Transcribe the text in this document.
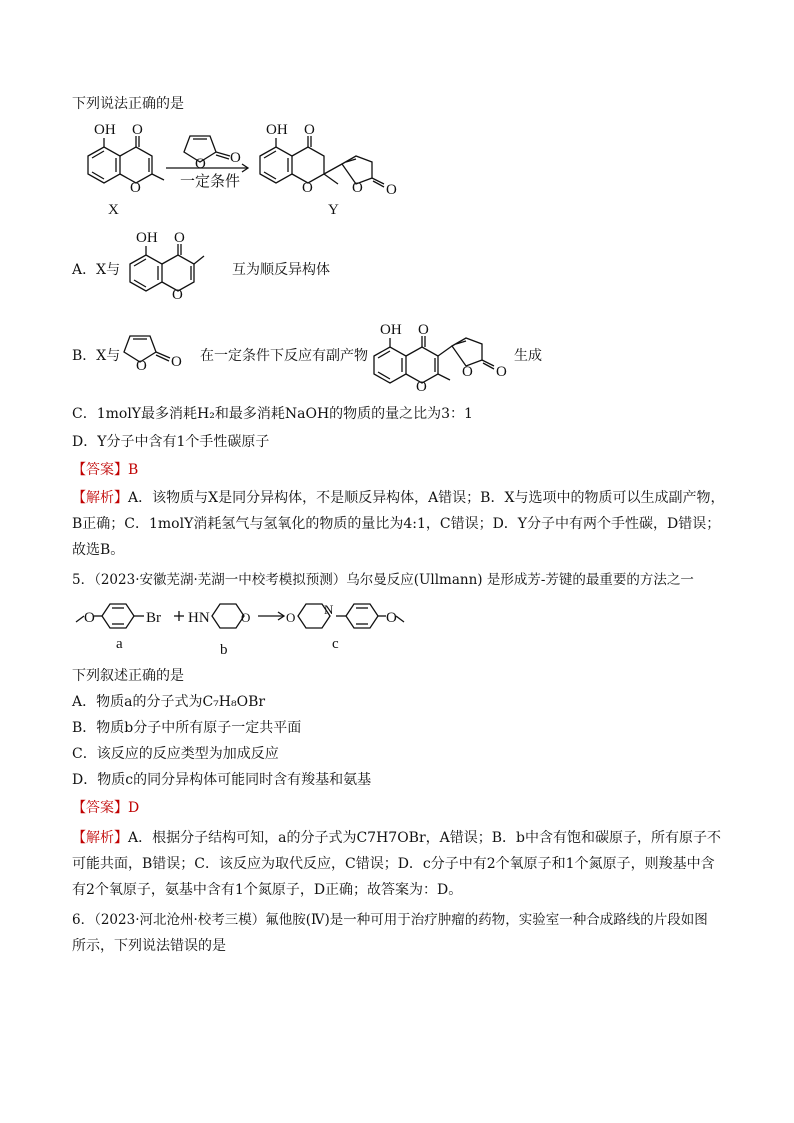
下列说法正确的是
OH O
O
X
O O
一定条件
OH O
O	O O
Y
A．X与
OH O
O
互为顺反异构体
B．X与
O O 在一定条件下反应有副产物
OH O
O
O O
生成
C．1molY最多消耗H₂和最多消耗NaOH的物质的量之比为3：1
D．Y分子中含有1个手性碳原子
【答案】B
【解析】A．该物质与X是同分异构体，不是顺反异构体，A错误；B．X与选项中的物质可以生成副产物，
B正确；C．1molY消耗氢气与氢氧化的物质的量比为4:1，C错误；D．Y分子中有两个手性碳，D错误；
故选B。
5．（2023·安徽芜湖·芜湖一中校考模拟预测）乌尔曼反应(Ullmann) 是形成芳-芳键的最重要的方法之一
O	Br
a
HN O
b
O
N
O
c
下列叙述正确的是
A．物质a的分子式为C₇H₈OBr
B．物质b分子中所有原子一定共平面
C．该反应的反应类型为加成反应
D．物质c的同分异构体可能同时含有羧基和氨基
【答案】D
【解析】A．根据分子结构可知，a的分子式为C7H7OBr，A错误；B．b中含有饱和碳原子，所有原子不
可能共面，B错误；C．该反应为取代反应，C错误；D．c分子中有2个氧原子和1个氮原子，则羧基中含
有2个氧原子，氨基中含有1个氮原子，D正确；故答案为：D。
6．（2023·河北沧州·校考三模）氟他胺(Ⅳ)是一种可用于治疗肿瘤的药物，实验室一种合成路线的片段如图
所示，下列说法错误的是
